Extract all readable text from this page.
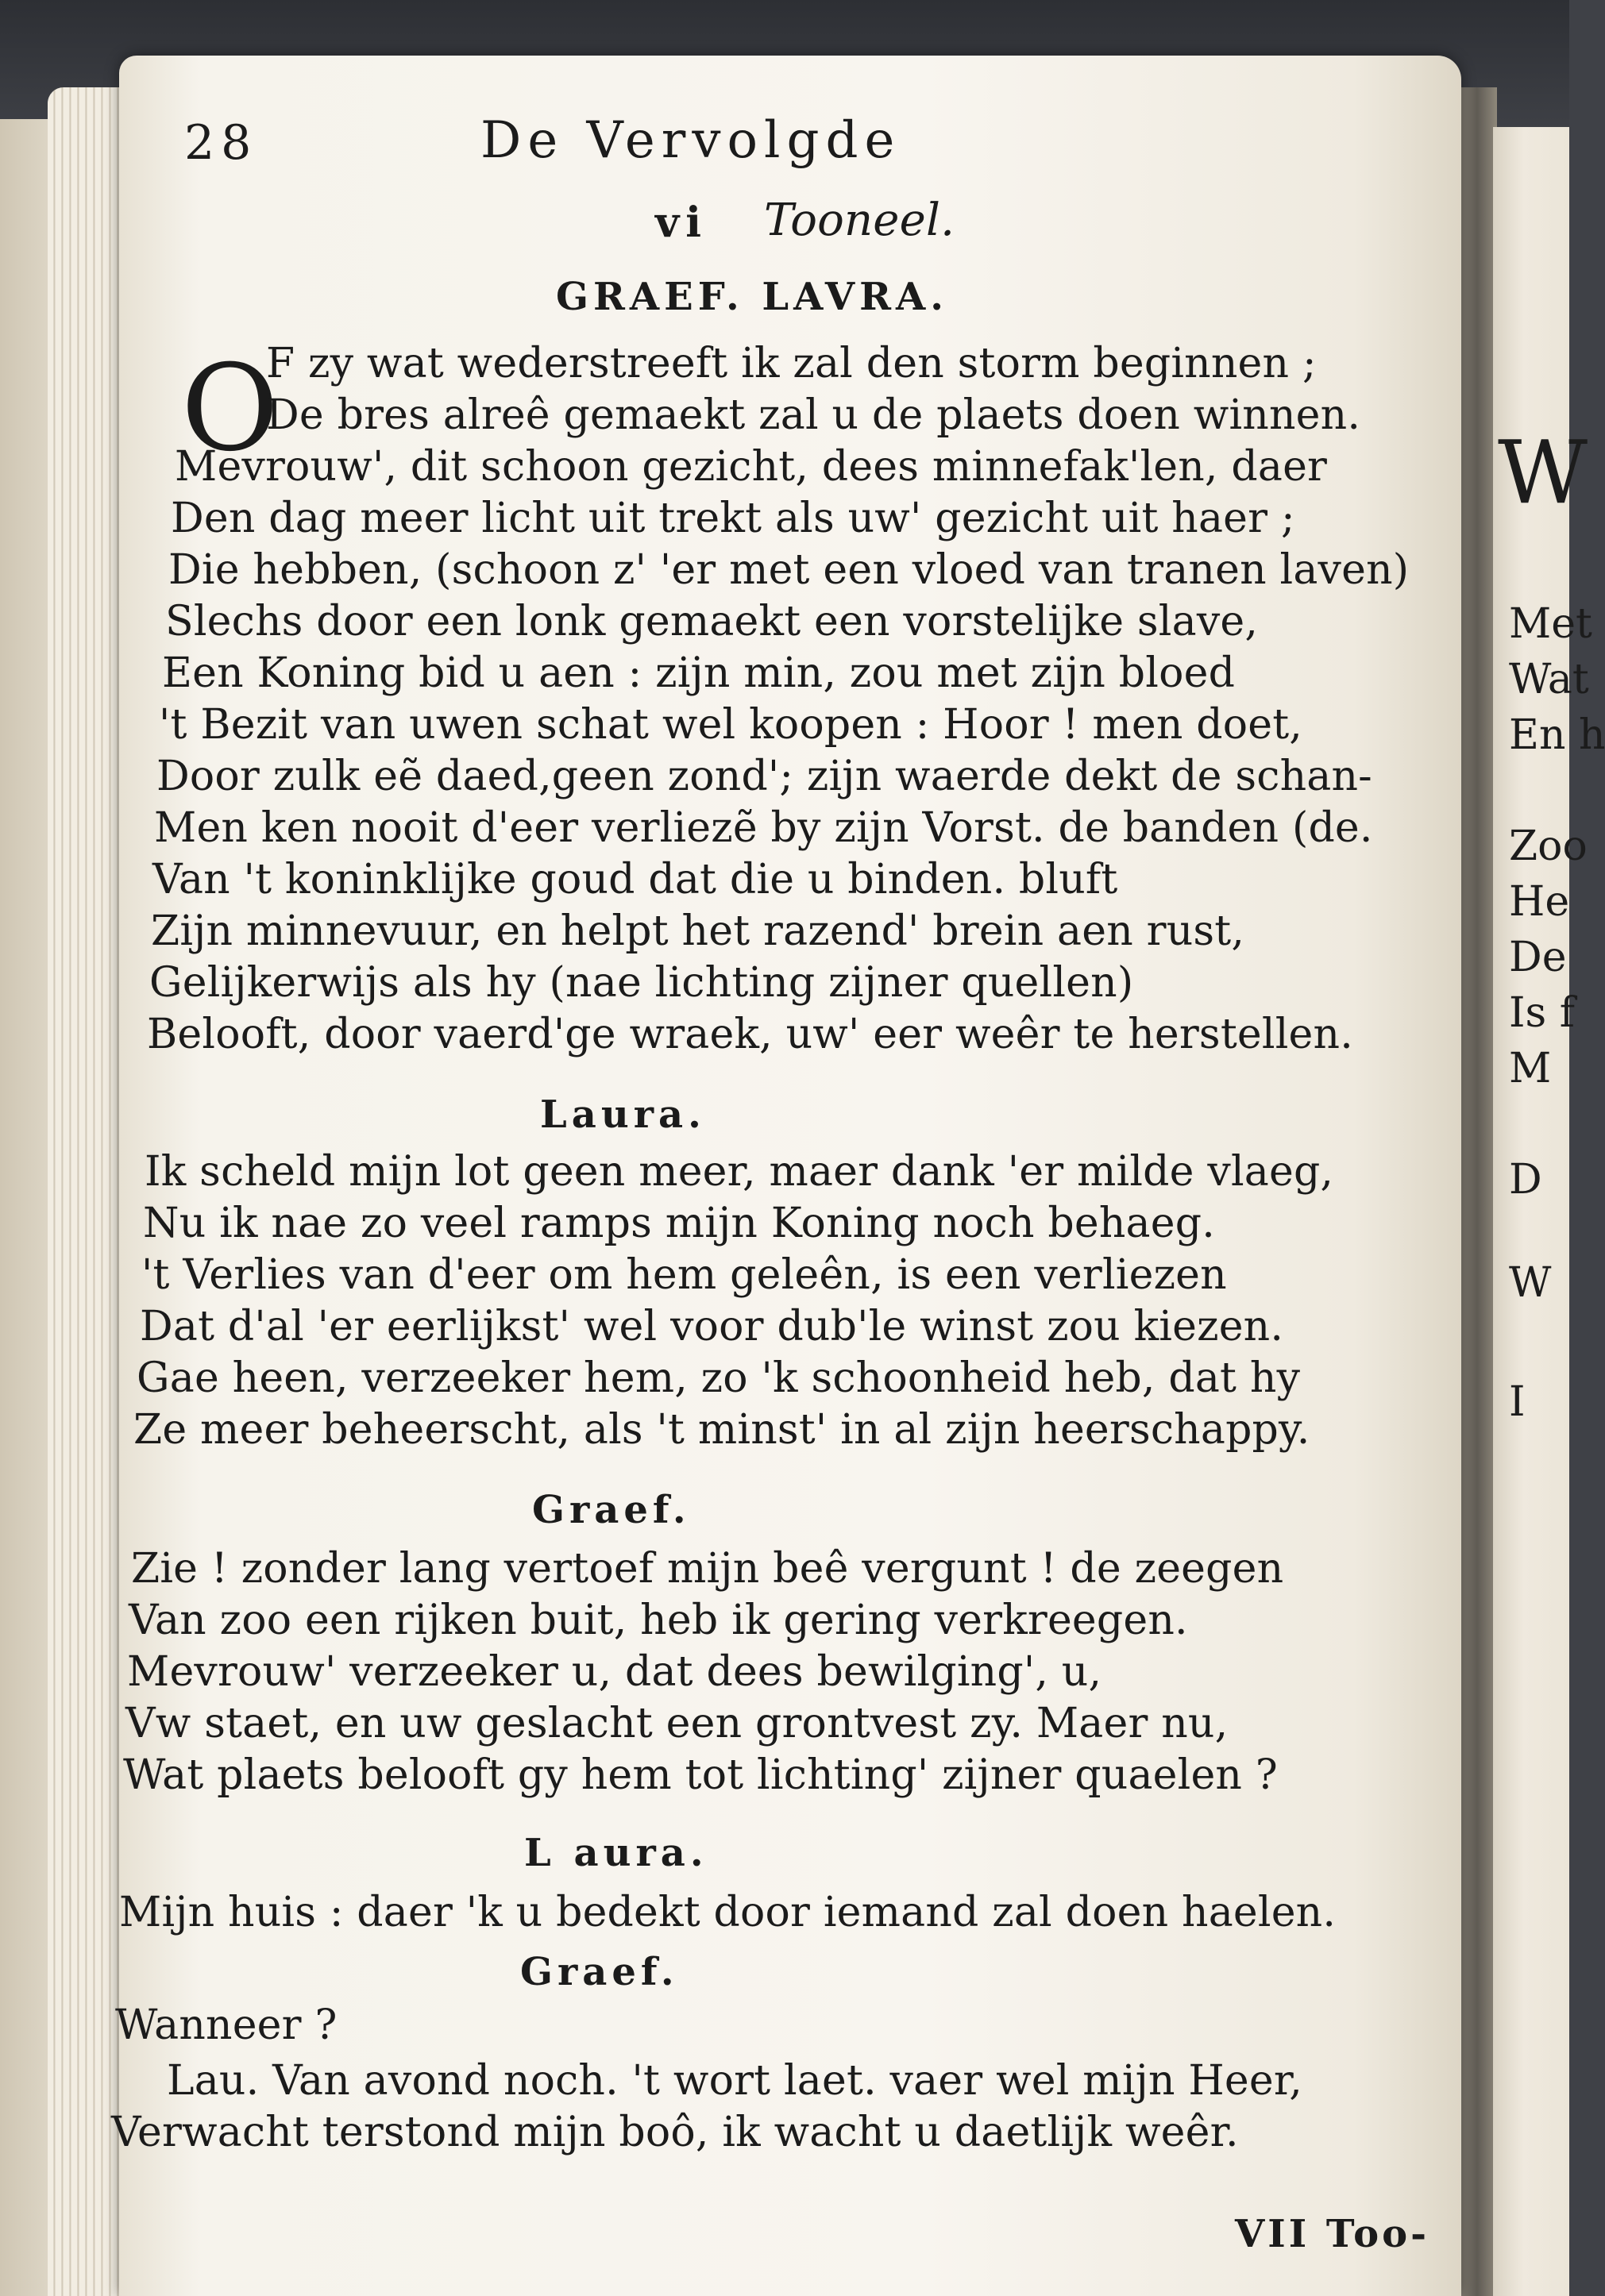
W
Met
Wat
En h
Zoo
He
De
Is f
M
D
W
I

28	De Vervolgde

vi Tooneel.

GRAEF. LAVRA.

O

F zy wat wederstreeft ik zal den storm beginnen ;

De bres alreê gemaekt zal u de plaets doen winnen.

Mevrouw', dit schoon gezicht, dees minnefak'len, daer

Den dag meer licht uit trekt als uw' gezicht uit haer ;

Die hebben, (schoon z' 'er met een vloed van tranen laven)

Slechs door een lonk gemaekt een vorstelijke slave,

Een Koning bid u aen : zijn min, zou met zijn bloed

't Bezit van uwen schat wel koopen : Hoor ! men doet,

Door zulk eẽ daed,geen zond'; zijn waerde dekt de schan-

Men ken nooit d'eer verliezẽ by zijn Vorst. de banden (de.

Van 't koninklijke goud dat die u binden. bluft

Zijn minnevuur, en helpt het razend' brein aen rust,

Gelijkerwijs als hy (nae lichting zijner quellen)

Belooft, door vaerd'ge wraek, uw' eer weêr te herstellen.

Laura.

Ik scheld mijn lot geen meer, maer dank 'er milde vlaeg,

Nu ik nae zo veel ramps mijn Koning noch behaeg.

't Verlies van d'eer om hem geleên, is een verliezen

Dat d'al 'er eerlijkst' wel voor dub'le winst zou kiezen.

Gae heen, verzeeker hem, zo 'k schoonheid heb, dat hy

Ze meer beheerscht, als 't minst' in al zijn heerschappy.

Graef.

Zie ! zonder lang vertoef mijn beê vergunt ! de zeegen

Van zoo een rijken buit, heb ik gering verkreegen.

Mevrouw' verzeeker u, dat dees bewilging', u,

Vw staet, en uw geslacht een grontvest zy. Maer nu,

Wat plaets belooft gy hem tot lichting' zijner quaelen ?

L aura.

Mijn huis : daer 'k u bedekt door iemand zal doen haelen.

Graef.

Wanneer ?

Lau. Van avond noch. 't wort laet. vaer wel mijn Heer,

Verwacht terstond mijn boô, ik wacht u daetlijk weêr.

VII Too-
